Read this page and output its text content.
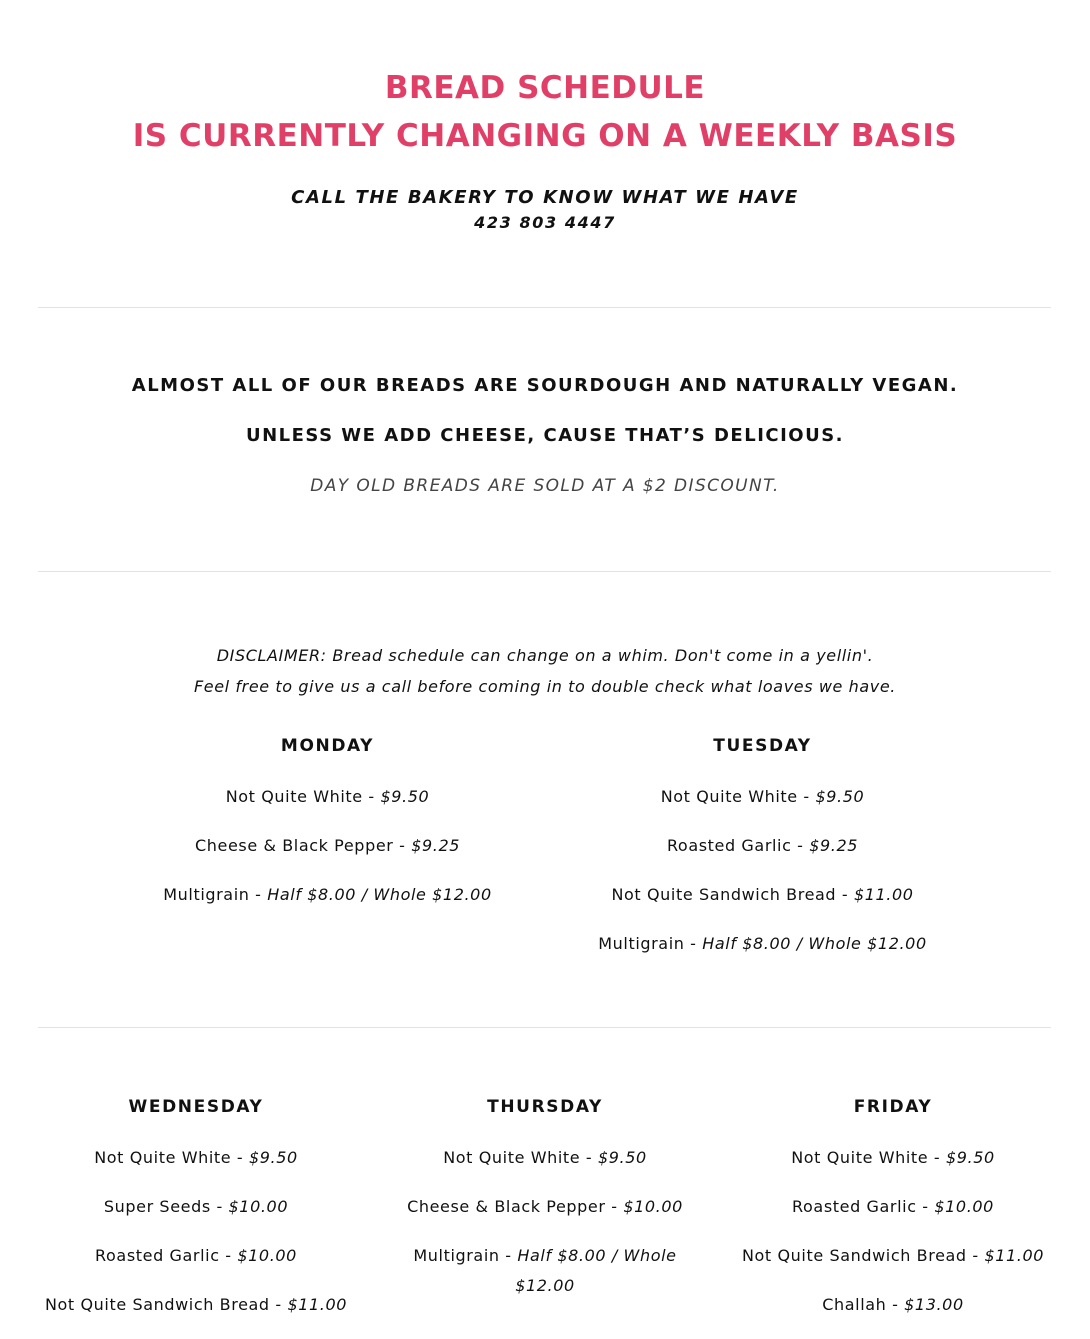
BREAD SCHEDULE
IS CURRENTLY CHANGING ON A WEEKLY BASIS
CALL THE BAKERY TO KNOW WHAT WE HAVE
423 803 4447

ALMOST ALL OF OUR BREADS ARE SOURDOUGH AND NATURALLY VEGAN.

UNLESS WE ADD CHEESE, CAUSE THAT’S DELICIOUS.

DAY OLD BREADS ARE SOLD AT A $2 DISCOUNT.

DISCLAIMER: Bread schedule can change on a whim. Don't come in a yellin'.
Feel free to give us a call before coming in to double check what loaves we have.
MONDAY
Not Quite White - $9.50
Cheese & Black Pepper - $9.25
Multigrain - Half $8.00 / Whole $12.00
TUESDAY
Not Quite White - $9.50
Roasted Garlic - $9.25
Not Quite Sandwich Bread - $11.00
Multigrain - Half $8.00 / Whole $12.00
WEDNESDAY
Not Quite White - $9.50
Super Seeds - $10.00
Roasted Garlic - $10.00
Not Quite Sandwich Bread - $11.00
THURSDAY
Not Quite White - $9.50
Cheese & Black Pepper - $10.00
Multigrain - Half $8.00 / Whole $12.00
FRIDAY
Not Quite White - $9.50
Roasted Garlic - $10.00
Not Quite Sandwich Bread - $11.00
Challah - $13.00
